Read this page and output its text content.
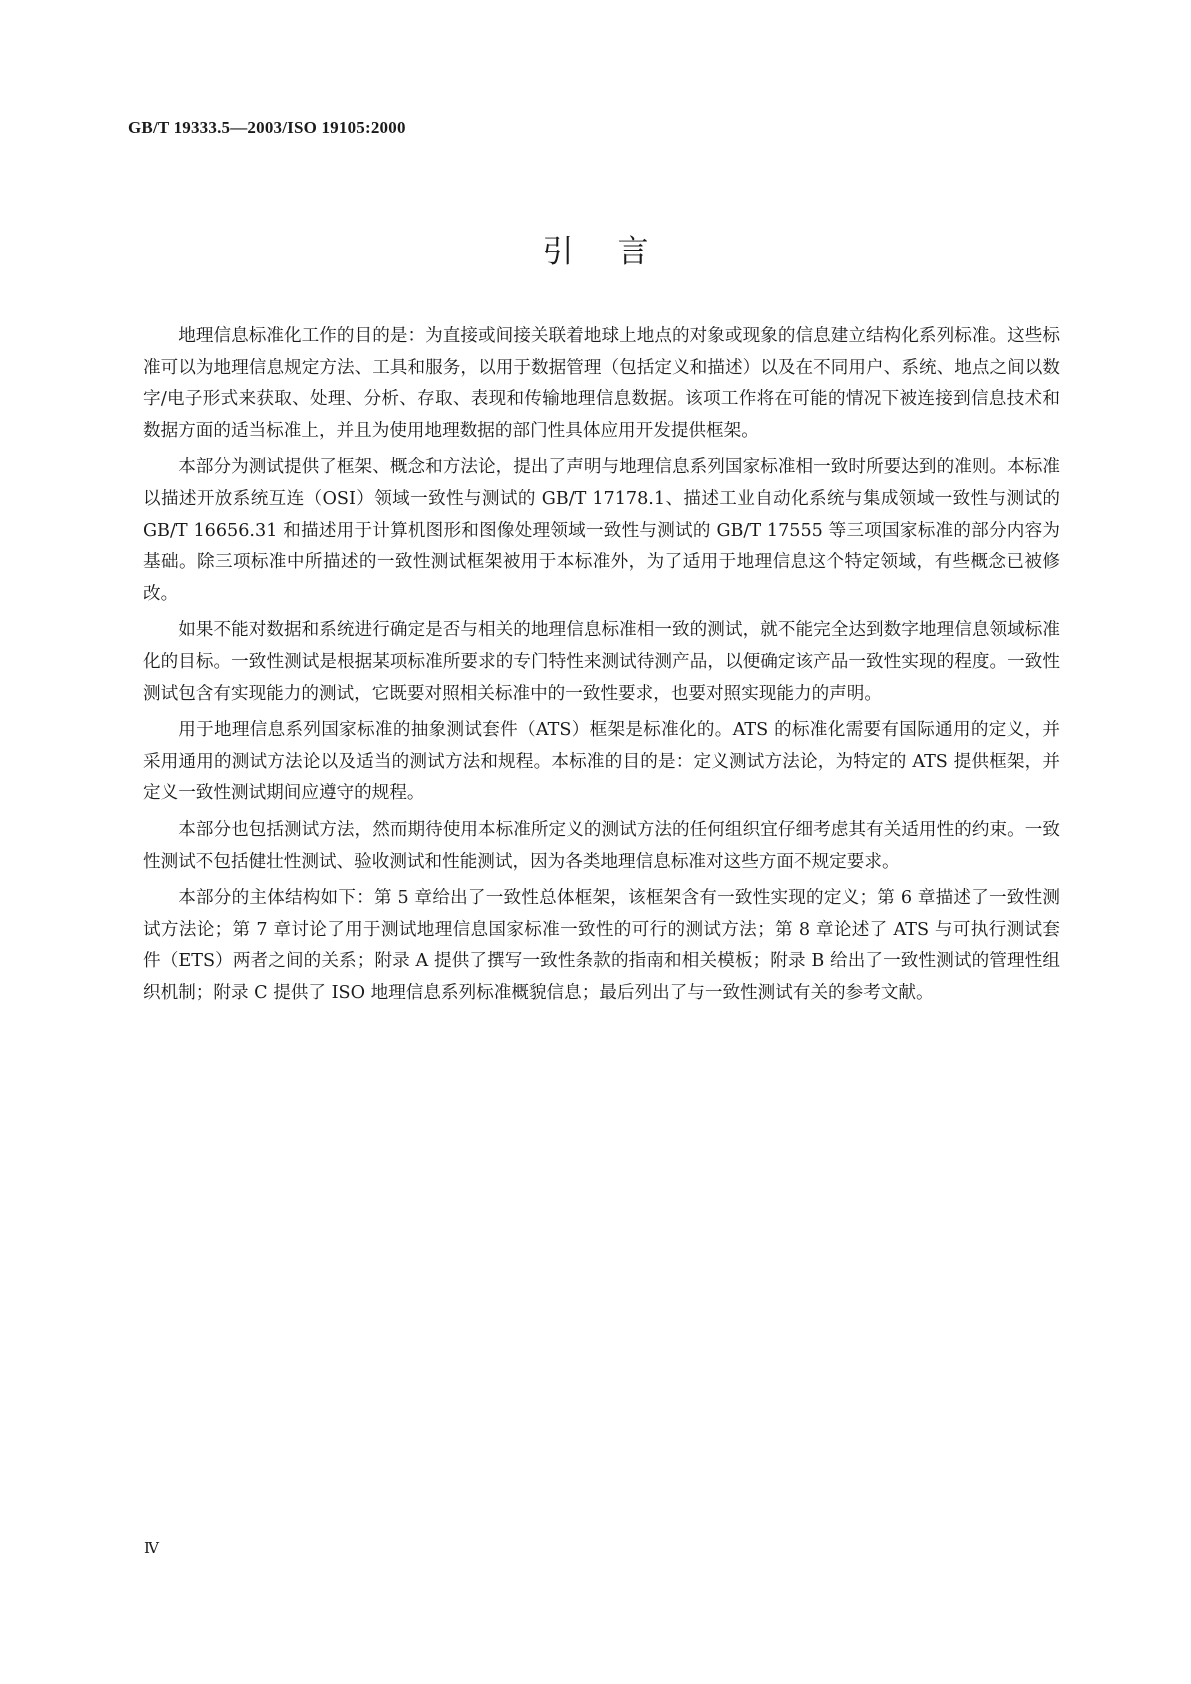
GB/T 19333.5—2003/ISO 19105:2000
引言

地理信息标准化工作的目的是：为直接或间接关联着地球上地点的对象或现象的信息建立结构化系列标准。这些标准可以为地理信息规定方法、工具和服务，以用于数据管理（包括定义和描述）以及在不同用户、系统、地点之间以数字/电子形式来获取、处理、分析、存取、表现和传输地理信息数据。该项工作将在可能的情况下被连接到信息技术和数据方面的适当标准上，并且为使用地理数据的部门性具体应用开发提供框架。

本部分为测试提供了框架、概念和方法论，提出了声明与地理信息系列国家标准相一致时所要达到的准则。本标准以描述开放系统互连（OSI）领域一致性与测试的 GB/T 17178.1、描述工业自动化系统与集成领域一致性与测试的 GB/T 16656.31 和描述用于计算机图形和图像处理领域一致性与测试的 GB/T 17555 等三项国家标准的部分内容为基础。除三项标准中所描述的一致性测试框架被用于本标准外，为了适用于地理信息这个特定领域，有些概念已被修改。

如果不能对数据和系统进行确定是否与相关的地理信息标准相一致的测试，就不能完全达到数字地理信息领域标准化的目标。一致性测试是根据某项标准所要求的专门特性来测试待测产品，以便确定该产品一致性实现的程度。一致性测试包含有实现能力的测试，它既要对照相关标准中的一致性要求，也要对照实现能力的声明。

用于地理信息系列国家标准的抽象测试套件（ATS）框架是标准化的。ATS 的标准化需要有国际通用的定义，并采用通用的测试方法论以及适当的测试方法和规程。本标准的目的是：定义测试方法论，为特定的 ATS 提供框架，并定义一致性测试期间应遵守的规程。

本部分也包括测试方法，然而期待使用本标准所定义的测试方法的任何组织宜仔细考虑其有关适用性的约束。一致性测试不包括健壮性测试、验收测试和性能测试，因为各类地理信息标准对这些方面不规定要求。

本部分的主体结构如下：第 5 章给出了一致性总体框架，该框架含有一致性实现的定义；第 6 章描述了一致性测试方法论；第 7 章讨论了用于测试地理信息国家标准一致性的可行的测试方法；第 8 章论述了 ATS 与可执行测试套件（ETS）两者之间的关系；附录 A 提供了撰写一致性条款的指南和相关模板；附录 B 给出了一致性测试的管理性组织机制；附录 C 提供了 ISO 地理信息系列标准概貌信息；最后列出了与一致性测试有关的参考文献。

Ⅳ
